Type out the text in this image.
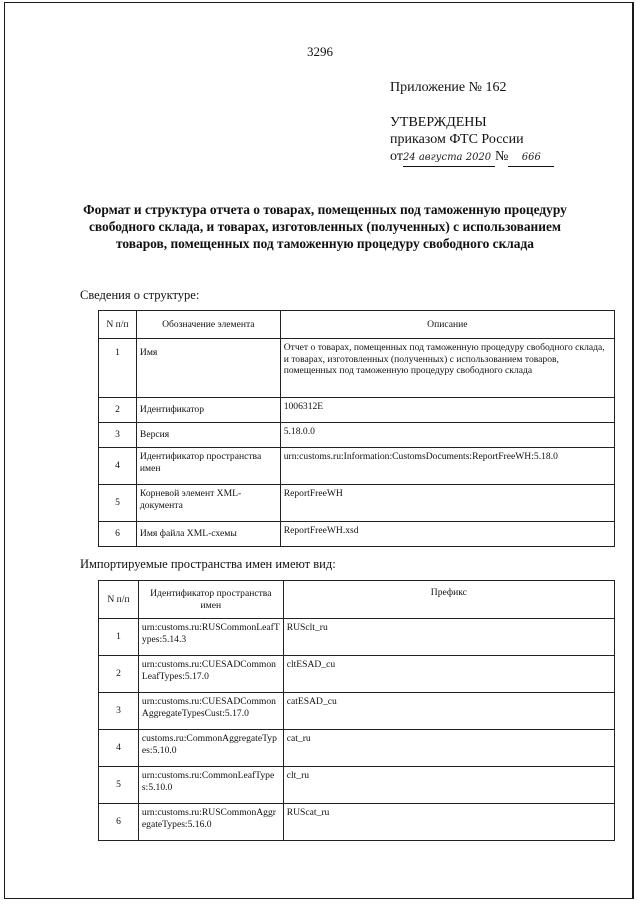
3296
Приложение № 162
УТВЕРЖДЕНЫ
приказом ФТС России
от24 августа 2020 № 666
Формат и структура отчета о товарах, помещенных под таможенную процедуру свободного склада, и товарах, изготовленных (полученных) с использованием товаров, помещенных под таможенную процедуру свободного склада
Сведения о структуре:
N п/п	Обозначение элемента	Описание
1	Имя	Отчет о товарах, помещенных под таможенную процедуру свободного склада, и товарах, изготовленных (полученных) с использованием товаров, помещенных под таможенную процедуру свободного склада
2	Идентификатор	1006312E
3	Версия	5.18.0.0
4	Идентификатор пространства имен	urn:customs.ru:Information:CustomsDocuments:ReportFreeWH:5.18.0
5	Корневой элемент XML-документа	ReportFreeWH
6	Имя файла XML-схемы	ReportFreeWH.xsd
Импортируемые пространства имен имеют вид:
N п/п	Идентификатор пространства имен	Префикс
1	urn:customs.ru:RUSCommonLeafTypes:5.14.3	RUSclt_ru
2	urn:customs.ru:CUESADCommonLeafTypes:5.17.0	cltESAD_cu
3	urn:customs.ru:CUESADCommonAggregateTypesCust:5.17.0	catESAD_cu
4	customs.ru:CommonAggregateTypes:5.10.0	cat_ru
5	urn:customs.ru:CommonLeafTypes:5.10.0	clt_ru
6	urn:customs.ru:RUSCommonAggregateTypes:5.16.0	RUScat_ru
